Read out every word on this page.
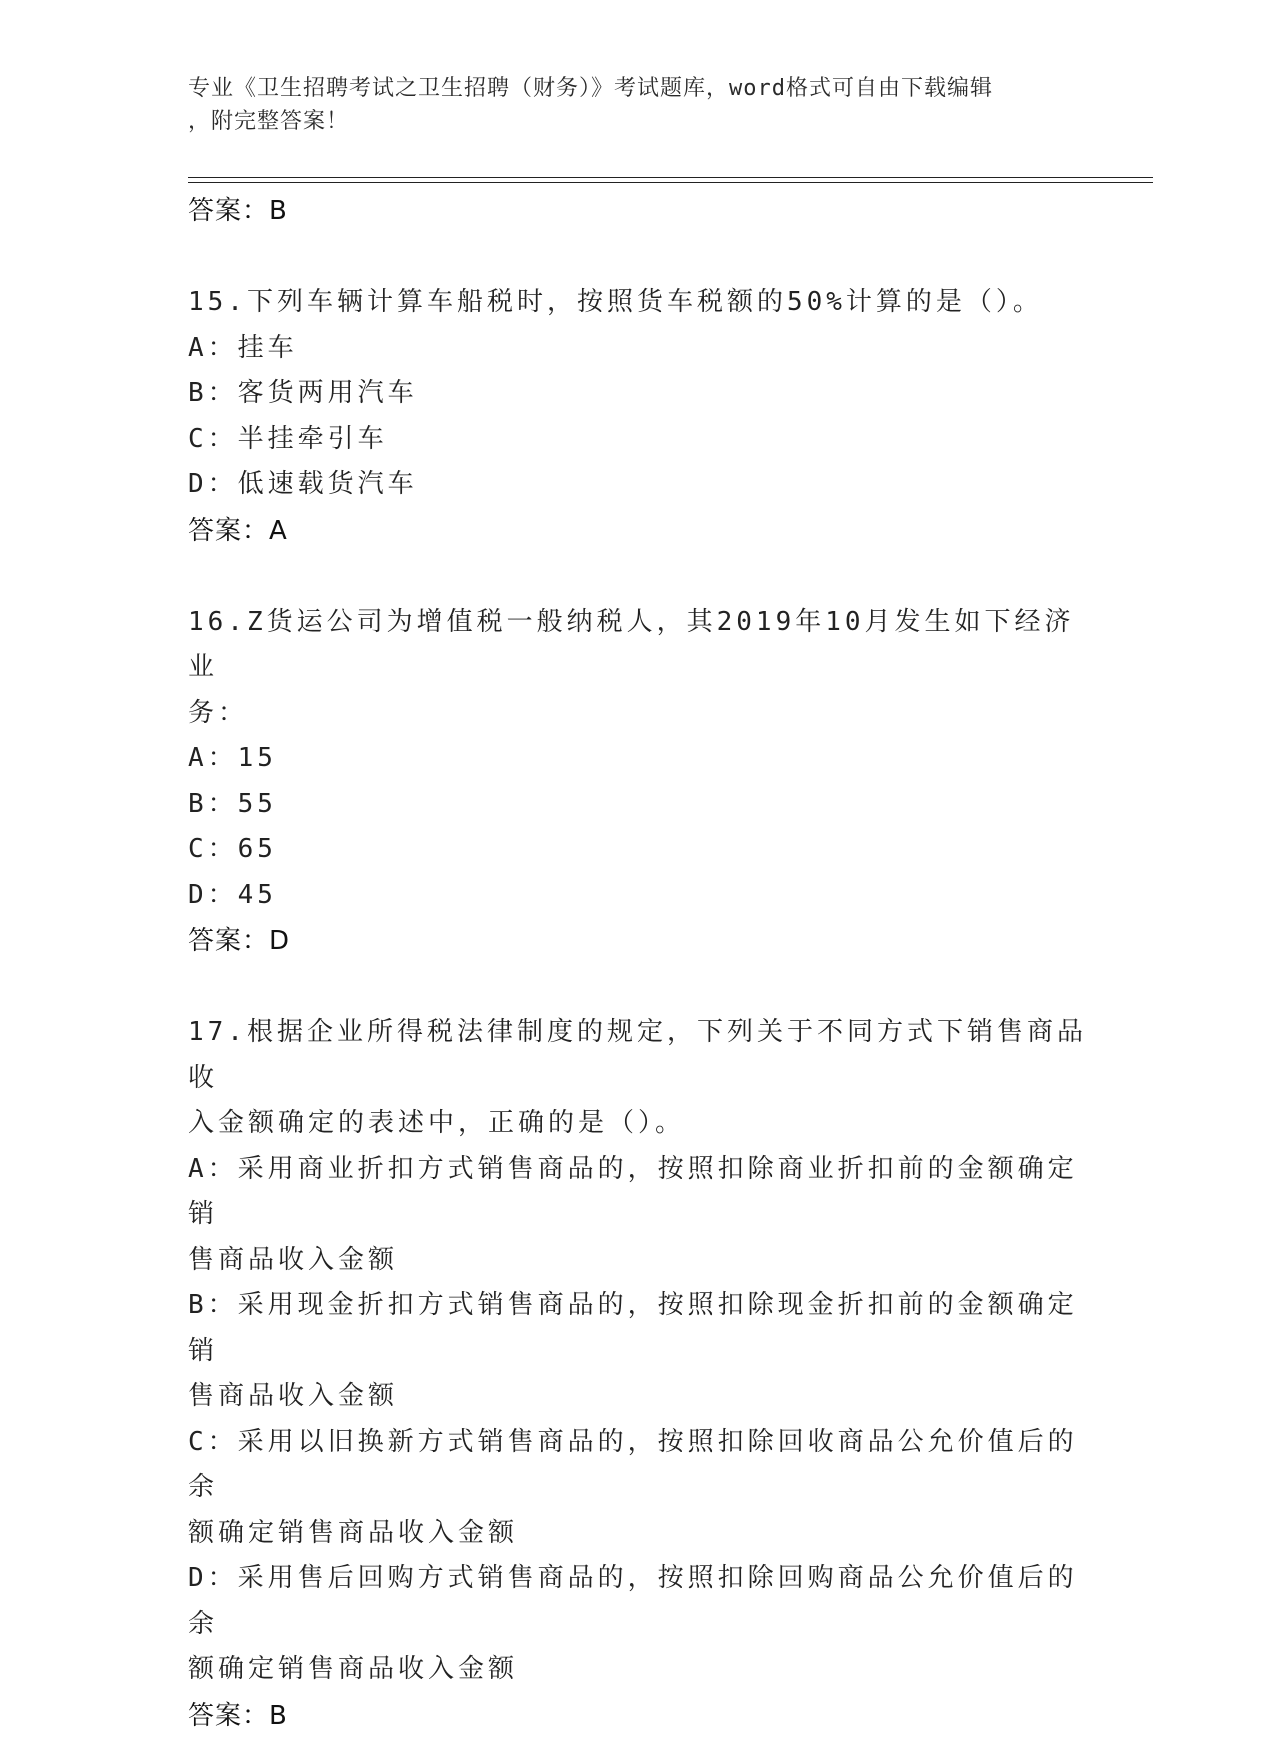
专业《卫生招聘考试之卫生招聘（财务）》考试题库，word格式可自由下载编辑
，附完整答案！
答案：B
15.下列车辆计算车船税时，按照货车税额的50%计算的是（）。
A：挂车
B：客货两用汽车
C：半挂牵引车
D：低速载货汽车
答案：A
16.Z货运公司为增值税一般纳税人，其2019年10月发生如下经济业
务：
A：15
B：55
C：65
D：45
答案：D
17.根据企业所得税法律制度的规定，下列关于不同方式下销售商品收
入金额确定的表述中，正确的是（）。
A：采用商业折扣方式销售商品的，按照扣除商业折扣前的金额确定销
售商品收入金额
B：采用现金折扣方式销售商品的，按照扣除现金折扣前的金额确定销
售商品收入金额
C：采用以旧换新方式销售商品的，按照扣除回收商品公允价值后的余
额确定销售商品收入金额
D：采用售后回购方式销售商品的，按照扣除回购商品公允价值后的余
额确定销售商品收入金额
答案：B
